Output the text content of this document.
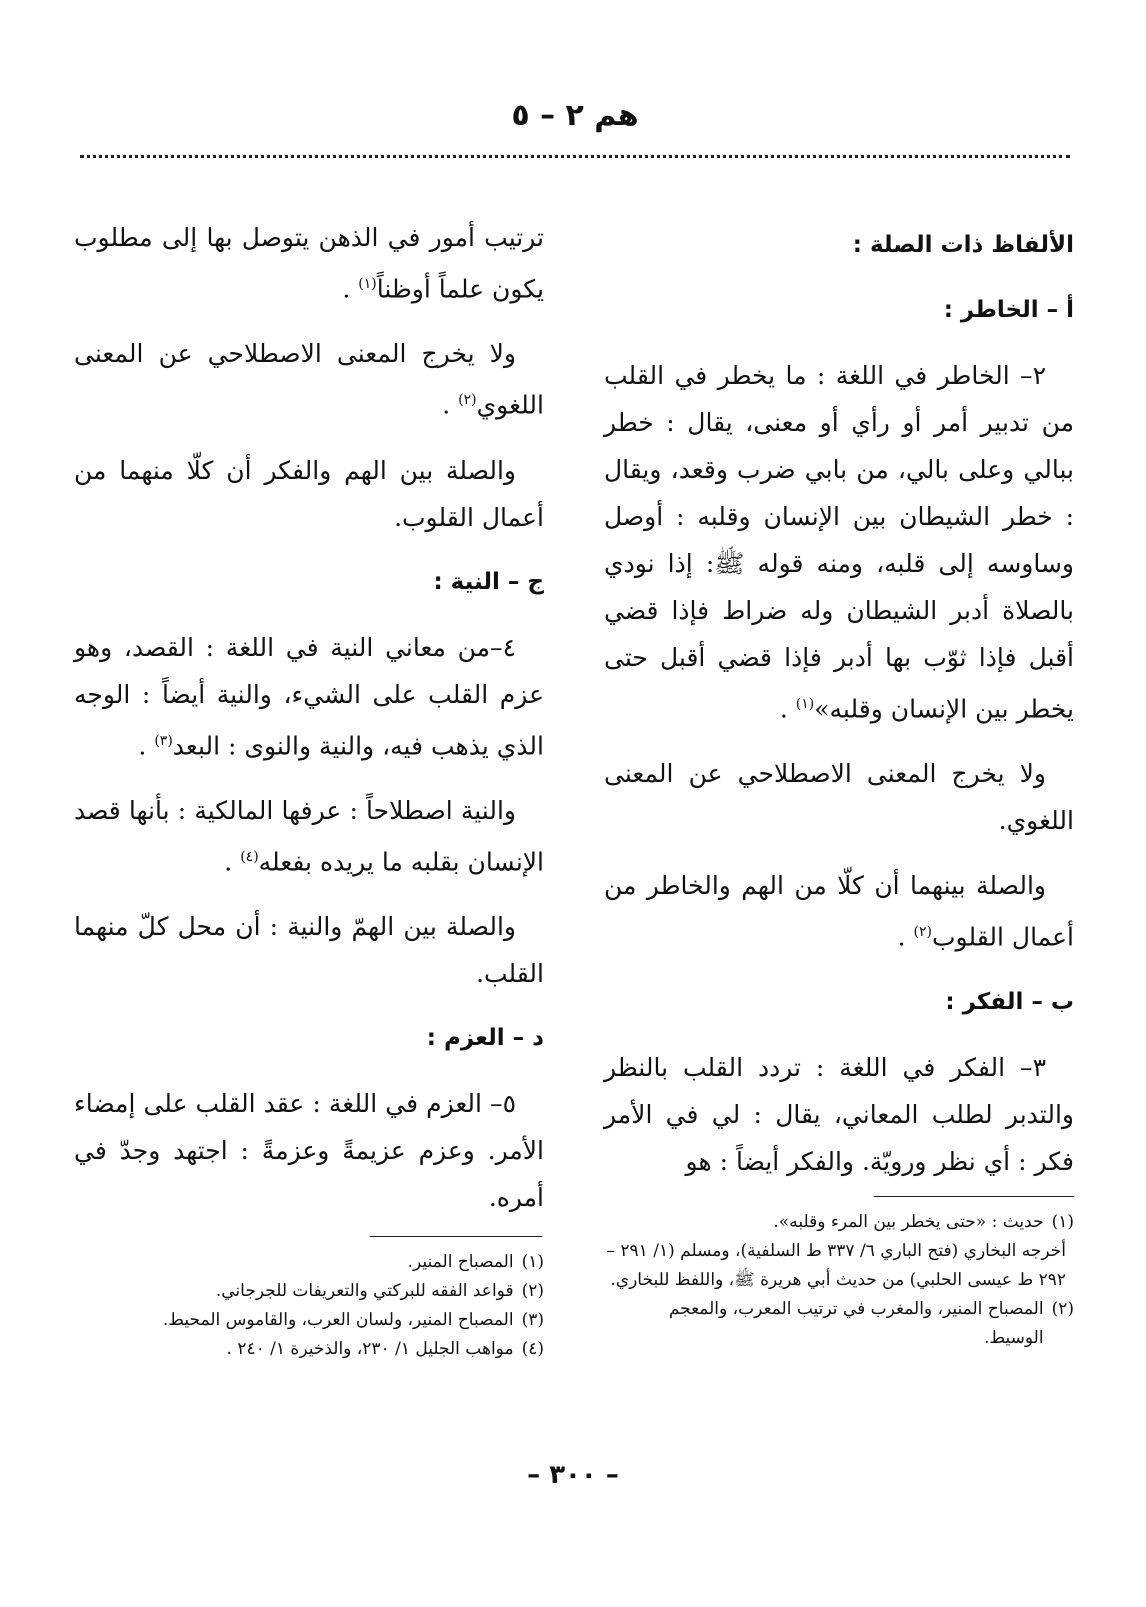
هم ٢ – ٥

الألفاظ ذات الصلة :

أ – الخاطر :

٢– الخاطر في اللغة : ما يخطر في القلب من تدبير أمر أو رأي أو معنى، يقال : خطر ببالي وعلى بالي، من بابي ضرب وقعد، ويقال : خطر الشيطان بين الإنسان وقلبه : أوصل وساوسه إلى قلبه، ومنه قوله ﷺ: إذا نودي بالصلاة أدبر الشيطان وله ضراط فإذا قضي أقبل فإذا ثوّب بها أدبر فإذا قضي أقبل حتى يخطر بين الإنسان وقلبه»$^{(١)}$ .

ولا يخرج المعنى الاصطلاحي عن المعنى اللغوي.

والصلة بينهما أن كلّا من الهم والخاطر من أعمال القلوب$^{(٢)}$ .

ب – الفكر :

٣– الفكر في اللغة : تردد القلب بالنظر والتدبر لطلب المعاني، يقال : لي في الأمر فكر : أي نظر ورويّة. والفكر أيضاً : هو

(١)
حديث : «حتى يخطر بين المرء وقلبه».

أخرجه البخاري (فتح الباري ٦/ ٣٣٧ ط السلفية)، ومسلم (١/ ٢٩١ – ٢٩٢ ط عيسى الحلبي) من حديث أبي هريرة ﷺ، واللفظ للبخاري.

(٢)
المصباح المنير، والمغرب في ترتيب المعرب، والمعجم الوسيط.

ترتيب أمور في الذهن يتوصل بها إلى مطلوب يكون علماً أوظناً$^{(١)}$ .

ولا يخرج المعنى الاصطلاحي عن المعنى اللغوي$^{(٢)}$ .

والصلة بين الهم والفكر أن كلّا منهما من أعمال القلوب.

ج – النية :

٤–من معاني النية في اللغة : القصد، وهو عزم القلب على الشيء، والنية أيضاً : الوجه الذي يذهب فيه، والنية والنوى : البعد$^{(٣)}$ .

والنية اصطلاحاً : عرفها المالكية : بأنها قصد الإنسان بقلبه ما يريده بفعله$^{(٤)}$ .

والصلة بين الهمّ والنية : أن محل كلّ منهما القلب.

د – العزم :

٥– العزم في اللغة : عقد القلب على إمضاء الأمر. وعزم عزيمةً وعزمةً : اجتهد وجدّ في أمره.

(١)
المصباح المنير.
(٢)
قواعد الفقه للبركتي والتعريفات للجرجاني.
(٣)
المصباح المنير، ولسان العرب، والقاموس المحيط.
(٤)
مواهب الجليل ١/ ٢٣٠، والذخيرة ١/ ٢٤٠ .
– ٣٠٠ –
